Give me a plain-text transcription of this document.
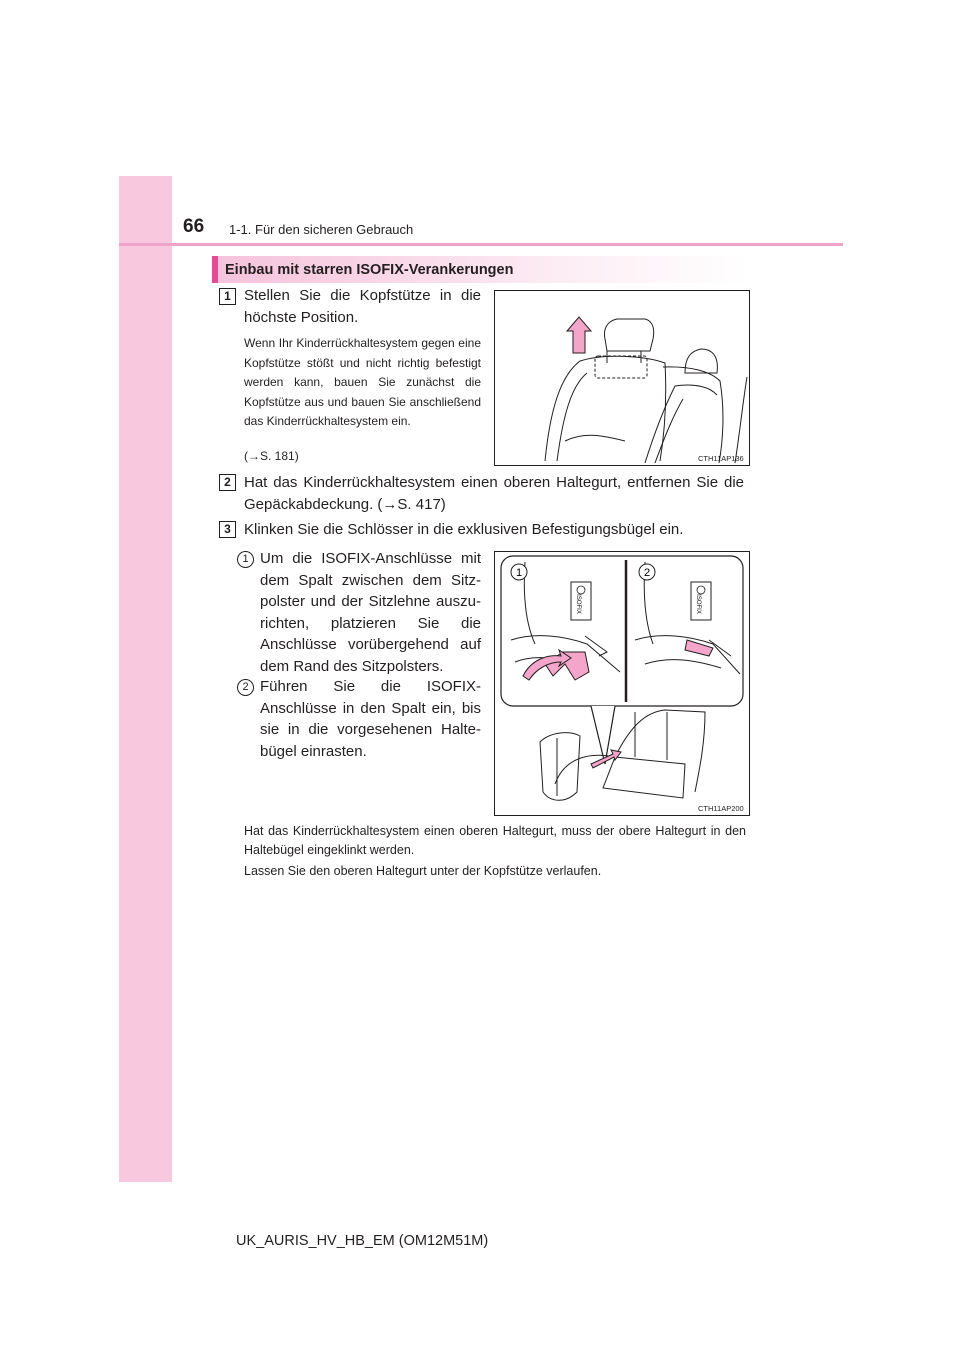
66 1-1. Für den sicheren Gebrauch
Einbau mit starren ISOFIX-Verankerungen
1 Stellen Sie die Kopfstütze in die höchste Position.
Wenn Ihr Kinderrückhaltesystem gegen eine Kopfstütze stößt und nicht richtig befestigt werden kann, bauen Sie zunächst die Kopfstütze aus und bauen Sie anschließend das Kinderrückhaltesystem ein.
(→S. 181)	CTH11AP136
2 Hat das Kinderrückhaltesystem einen oberen Haltegurt, entfernen Sie die Gepäckabdeckung. (→S. 417)
3 Klinken Sie die Schlösser in die exklusiven Befestigungsbügel ein.
1 Um die ISOFIX-Anschlüsse mit dem Spalt zwischen dem Sitz-polster und der Sitzlehne auszu-richten, platzieren Sie die Anschlüsse vorübergehend auf dem Rand des Sitzpolsters.
2 Führen Sie die ISOFIX-Anschlüsse in den Spalt ein, bis sie in die vorgesehenen Halte-bügel einrasten.
ISOFIX	ISOFIX
1	2
CTH11AP200
Hat das Kinderrückhaltesystem einen oberen Haltegurt, muss der obere Haltegurt in den Haltebügel eingeklinkt werden.
Lassen Sie den oberen Haltegurt unter der Kopfstütze verlaufen.
UK_AURIS_HV_HB_EM (OM12M51M)
